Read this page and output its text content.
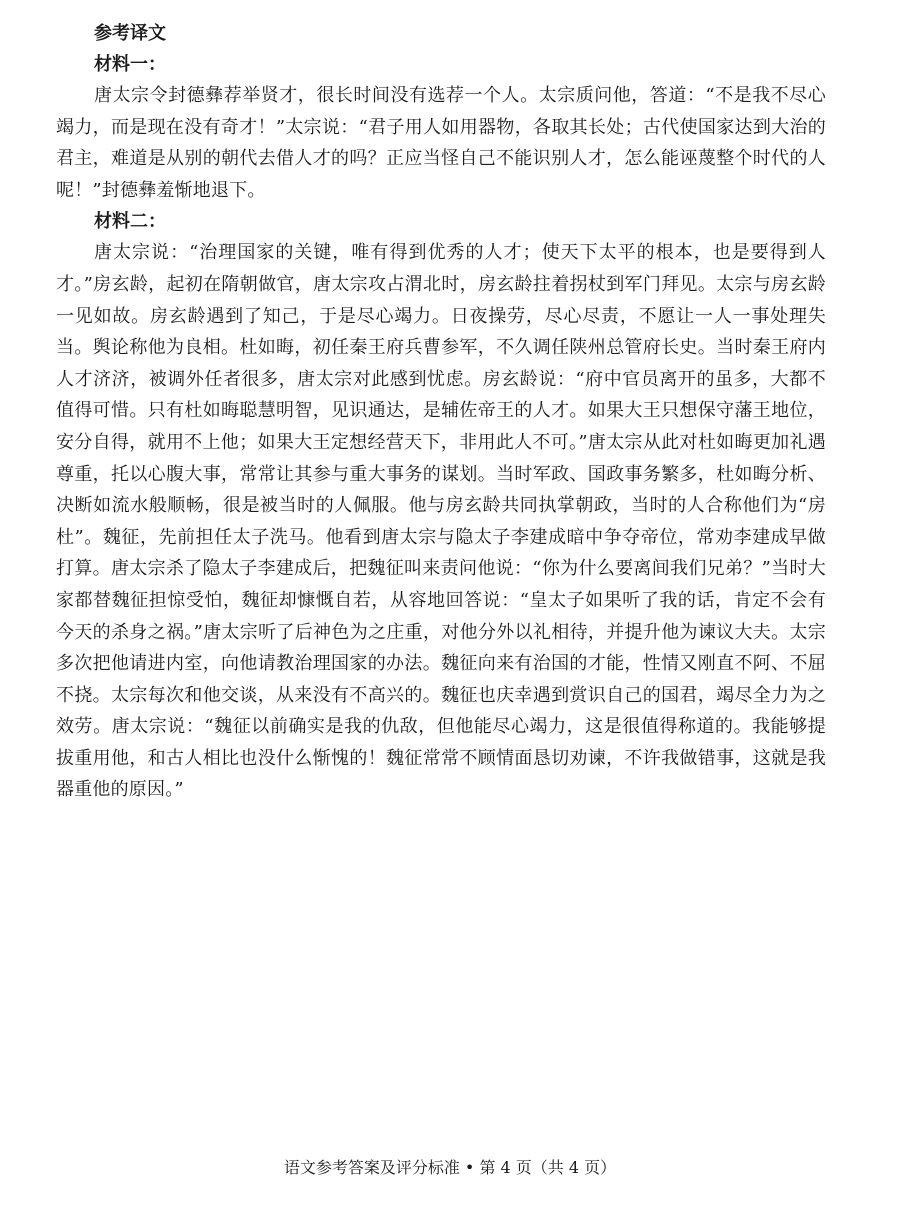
参考译文
材料一：

唐太宗令封德彝荐举贤才，很长时间没有选荐一个人。太宗质问他，答道：“不是我不尽心竭力，而是现在没有奇才！”太宗说：“君子用人如用器物，各取其长处；古代使国家达到大治的君主，难道是从别的朝代去借人才的吗？正应当怪自己不能识别人才，怎么能诬蔑整个时代的人呢！”封德彝羞惭地退下。

材料二：

唐太宗说：“治理国家的关键，唯有得到优秀的人才；使天下太平的根本，也是要得到人才。”房玄龄，起初在隋朝做官，唐太宗攻占渭北时，房玄龄拄着拐杖到军门拜见。太宗与房玄龄一见如故。房玄龄遇到了知己，于是尽心竭力。日夜操劳，尽心尽责，不愿让一人一事处理失当。舆论称他为良相。杜如晦，初任秦王府兵曹参军，不久调任陕州总管府长史。当时秦王府内人才济济，被调外任者很多，唐太宗对此感到忧虑。房玄龄说：“府中官员离开的虽多，大都不值得可惜。只有杜如晦聪慧明智，见识通达，是辅佐帝王的人才。如果大王只想保守藩王地位，安分自得，就用不上他；如果大王定想经营天下，非用此人不可。”唐太宗从此对杜如晦更加礼遇尊重，托以心腹大事，常常让其参与重大事务的谋划。当时军政、国政事务繁多，杜如晦分析、决断如流水般顺畅，很是被当时的人佩服。他与房玄龄共同执掌朝政，当时的人合称他们为“房杜”。魏征，先前担任太子洗马。他看到唐太宗与隐太子李建成暗中争夺帝位，常劝李建成早做打算。唐太宗杀了隐太子李建成后，把魏征叫来责问他说：“你为什么要离间我们兄弟？”当时大家都替魏征担惊受怕，魏征却慷慨自若，从容地回答说：“皇太子如果听了我的话，肯定不会有今天的杀身之祸。”唐太宗听了后神色为之庄重，对他分外以礼相待，并提升他为谏议大夫。太宗多次把他请进内室，向他请教治理国家的办法。魏征向来有治国的才能，性情又刚直不阿、不屈不挠。太宗每次和他交谈，从来没有不高兴的。魏征也庆幸遇到赏识自己的国君，竭尽全力为之效劳。唐太宗说：“魏征以前确实是我的仇敌，但他能尽心竭力，这是很值得称道的。我能够提拔重用他，和古人相比也没什么惭愧的！魏征常常不顾情面恳切劝谏，不许我做错事，这就是我器重他的原因。”

语文参考答案及评分标准 • 第 4 页（共 4 页）
